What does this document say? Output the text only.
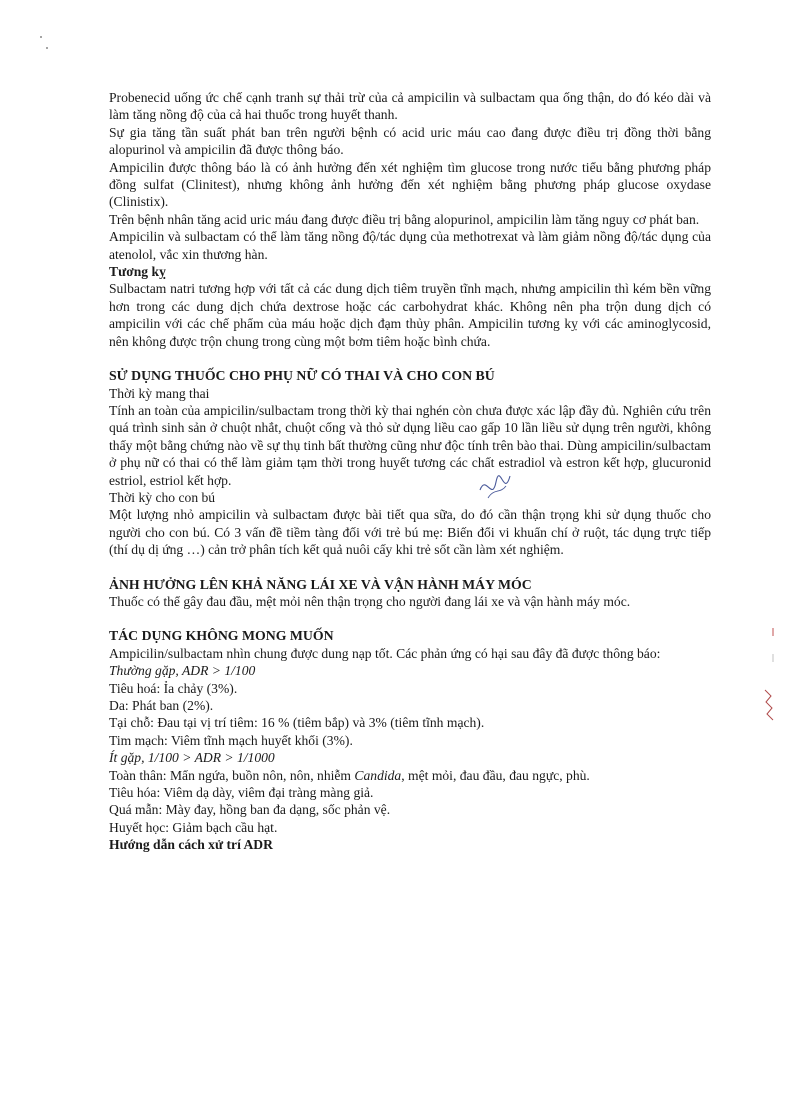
Probenecid uống ức chế cạnh tranh sự thải trừ của cả ampicilin và sulbactam qua ống thận, do đó kéo dài và làm tăng nồng độ của cả hai thuốc trong huyết thanh.

Sự gia tăng tần suất phát ban trên người bệnh có acid uric máu cao đang được điều trị đồng thời bằng alopurinol và ampicilin đã được thông báo.

Ampicilin được thông báo là có ảnh hưởng đến xét nghiệm tìm glucose trong nước tiểu bằng phương pháp đồng sulfat (Clinitest), nhưng không ảnh hưởng đến xét nghiệm bằng phương pháp glucose oxydase (Clinistix).

Trên bệnh nhân tăng acid uric máu đang được điều trị bằng alopurinol, ampicilin làm tăng nguy cơ phát ban.

Ampicilin và sulbactam có thể làm tăng nồng độ/tác dụng của methotrexat và làm giảm nồng độ/tác dụng của atenolol, vắc xin thương hàn.

Tương kỵ

Sulbactam natri tương hợp với tất cả các dung dịch tiêm truyền tĩnh mạch, nhưng ampicilin thì kém bền vững hơn trong các dung dịch chứa dextrose hoặc các carbohydrat khác. Không nên pha trộn dung dịch có ampicilin với các chế phẩm của máu hoặc dịch đạm thủy phân. Ampicilin tương kỵ với các aminoglycosid, nên không được trộn chung trong cùng một bơm tiêm hoặc bình chứa.

SỬ DỤNG THUỐC CHO PHỤ NỮ CÓ THAI VÀ CHO CON BÚ

Thời kỳ mang thai

Tính an toàn của ampicilin/sulbactam trong thời kỳ thai nghén còn chưa được xác lập đầy đủ. Nghiên cứu trên quá trình sinh sản ở chuột nhắt, chuột cống và thỏ sử dụng liều cao gấp 10 lần liều sử dụng trên người, không thấy một bằng chứng nào về sự thụ tinh bất thường cũng như độc tính trên bào thai. Dùng ampicilin/sulbactam ở phụ nữ có thai có thể làm giảm tạm thời trong huyết tương các chất estradiol và estron kết hợp, glucuronid estriol, estriol kết hợp.

Thời kỳ cho con bú

Một lượng nhỏ ampicilin và sulbactam được bài tiết qua sữa, do đó cần thận trọng khi sử dụng thuốc cho người cho con bú. Có 3 vấn đề tiềm tàng đối với trẻ bú mẹ: Biến đổi vi khuẩn chí ở ruột, tác dụng trực tiếp (thí dụ dị ứng …) cản trở phân tích kết quả nuôi cấy khi trẻ sốt cần làm xét nghiệm.

ẢNH HƯỞNG LÊN KHẢ NĂNG LÁI XE VÀ VẬN HÀNH MÁY MÓC

Thuốc có thể gây đau đầu, mệt mỏi nên thận trọng cho người đang lái xe và vận hành máy móc.

TÁC DỤNG KHÔNG MONG MUỐN

Ampicilin/sulbactam nhìn chung được dung nạp tốt. Các phản ứng có hại sau đây đã được thông báo:

Thường gặp, ADR > 1/100

Tiêu hoá: Ỉa chảy (3%).

Da: Phát ban (2%).

Tại chỗ: Đau tại vị trí tiêm: 16 % (tiêm bắp) và 3% (tiêm tĩnh mạch).

Tim mạch: Viêm tĩnh mạch huyết khối (3%).

Ít gặp, 1/100 > ADR > 1/1000

Toàn thân: Mẩn ngứa, buồn nôn, nôn, nhiễm Candida, mệt mỏi, đau đầu, đau ngực, phù.

Tiêu hóa: Viêm dạ dày, viêm đại tràng màng giả.

Quá mẫn: Mày đay, hồng ban đa dạng, sốc phản vệ.

Huyết học: Giảm bạch cầu hạt.

Hướng dẫn cách xử trí ADR
